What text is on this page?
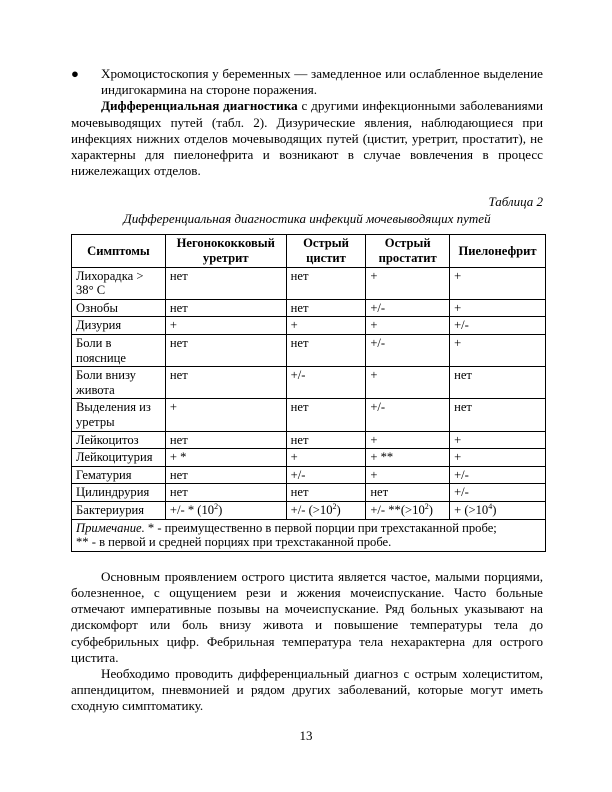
● Хромоцистоскопия у беременных — замедленное или ослабленное выделение индигокармина на стороне поражения.

Дифференциальная диагностика с другими инфекционными заболеваниями мочевыводящих путей (табл. 2). Дизурические явления, наблюдающиеся при инфекциях нижних отделов мочевыводящих путей (цистит, уретрит, простатит), не характерны для пиелонефрита и возникают в случае вовлечения в процесс нижележащих отделов.

Таблица 2
Дифференциальная диагностика инфекций мочевыводящих путей
Симптомы	Негонококковый уретрит	Острый цистит	Острый простатит	Пиелонефрит
Лихорадка > 38° С	нет	нет	+	+
Ознобы	нет	нет	+/-	+
Дизурия	+	+	+	+/-
Боли в пояснице	нет	нет	+/-	+
Боли внизу живота	нет	+/-	+	нет
Выделения из уретры	+	нет	+/-	нет
Лейкоцитоз	нет	нет	+	+
Лейкоцитурия	+ *	+	+ **	+
Гематурия	нет	+/-	+	+/-
Цилиндрурия	нет	нет	нет	+/-
Бактериурия	+/- * $(10^2)$	+/- $(>10^2)$	+/- $**(>10^2)$	+ $(>10^4)$
Примечание. * - преимущественно в первой порции при трехстаканной пробе;
** - в первой и средней порциях при трехстаканной пробе.				

Основным проявлением острого цистита является частое, малыми порциями, болезненное, с ощущением рези и жжения мочеиспускание. Часто больные отмечают императивные позывы на мочеиспускание. Ряд больных указывают на дискомфорт или боль внизу живота и повышение температуры тела до субфебрильных цифр. Фебрильная температура тела нехарактерна для острого цистита.

Необходимо проводить дифференциальный диагноз с острым холециститом, аппендицитом, пневмонией и рядом других заболеваний, которые могут иметь сходную симптоматику.

13
